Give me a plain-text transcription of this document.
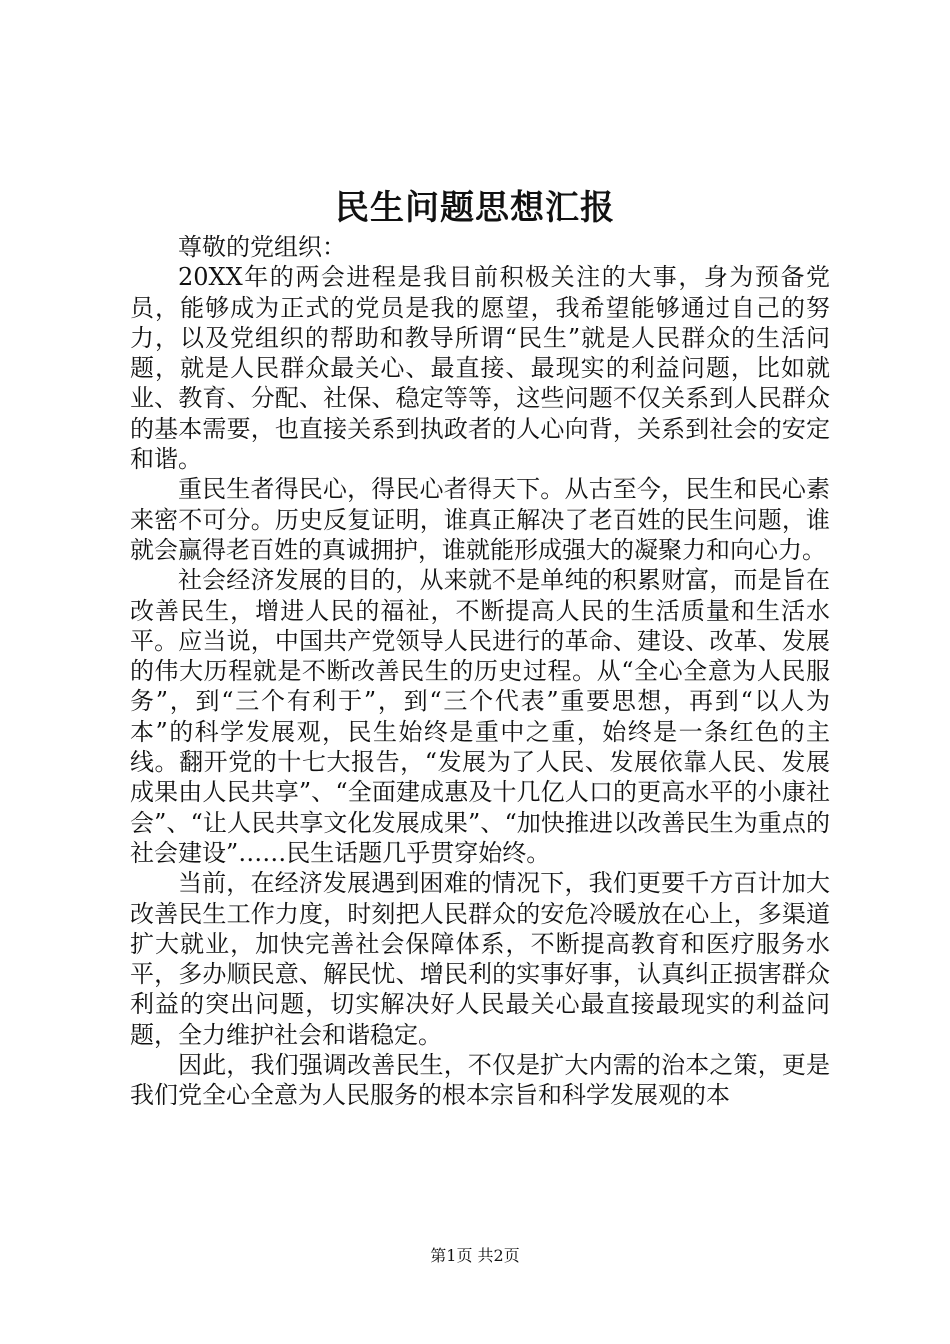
民生问题思想汇报

尊敬的党组织：

20XX年的两会进程是我目前积极关注的大事，身为预备党员，能够成为正式的党员是我的愿望，我希望能够通过自己的努力，以及党组织的帮助和教导所谓“民生”就是人民群众的生活问题，就是人民群众最关心、最直接、最现实的利益问题，比如就业、教育、分配、社保、稳定等等，这些问题不仅关系到人民群众的基本需要，也直接关系到执政者的人心向背，关系到社会的安定和谐。

重民生者得民心，得民心者得天下。从古至今，民生和民心素来密不可分。历史反复证明，谁真正解决了老百姓的民生问题，谁就会赢得老百姓的真诚拥护，谁就能形成强大的凝聚力和向心力。

社会经济发展的目的，从来就不是单纯的积累财富，而是旨在改善民生，增进人民的福祉，不断提高人民的生活质量和生活水平。应当说，中国共产党领导人民进行的革命、建设、改革、发展的伟大历程就是不断改善民生的历史过程。从“全心全意为人民服务”，到“三个有利于”，到“三个代表”重要思想，再到“以人为本”的科学发展观，民生始终是重中之重，始终是一条红色的主线。翻开党的十七大报告，“发展为了人民、发展依靠人民、发展成果由人民共享”、“全面建成惠及十几亿人口的更高水平的小康社会”、“让人民共享文化发展成果”、“加快推进以改善民生为重点的社会建设”……民生话题几乎贯穿始终。

当前，在经济发展遇到困难的情况下，我们更要千方百计加大改善民生工作力度，时刻把人民群众的安危冷暖放在心上，多渠道扩大就业，加快完善社会保障体系，不断提高教育和医疗服务水平，多办顺民意、解民忧、增民利的实事好事，认真纠正损害群众利益的突出问题，切实解决好人民最关心最直接最现实的利益问题，全力维护社会和谐稳定。

因此，我们强调改善民生，不仅是扩大内需的治本之策，更是我们党全心全意为人民服务的根本宗旨和科学发展观的本

第1页 共2页
